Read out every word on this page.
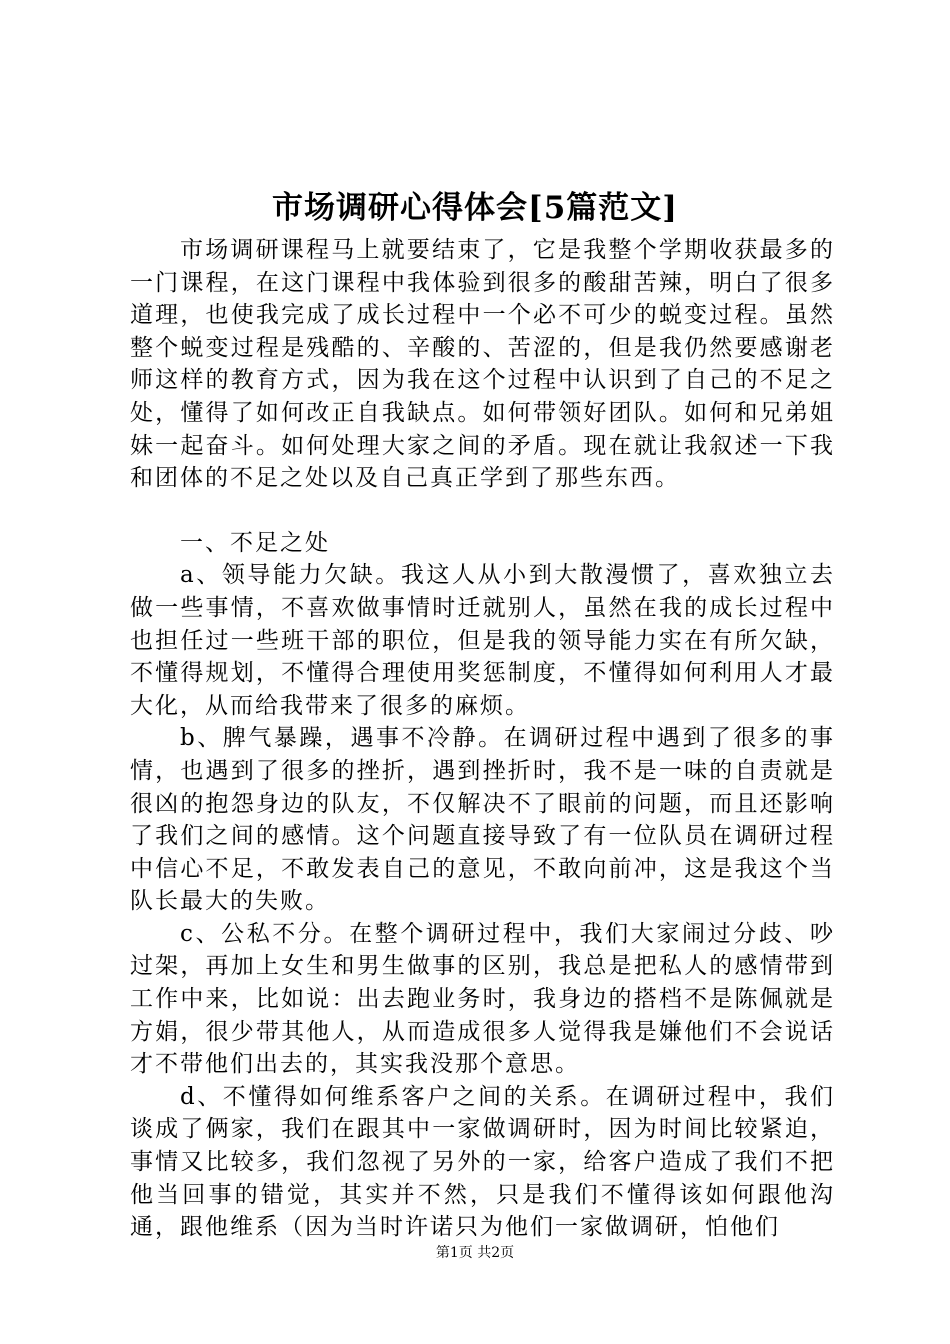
市场调研心得体会[5篇范文]

市场调研课程马上就要结束了，它是我整个学期收获最多的一门课程，在这门课程中我体验到很多的酸甜苦辣，明白了很多道理，也使我完成了成长过程中一个必不可少的蜕变过程。虽然整个蜕变过程是残酷的、辛酸的、苦涩的，但是我仍然要感谢老师这样的教育方式，因为我在这个过程中认识到了自己的不足之处，懂得了如何改正自我缺点。如何带领好团队。如何和兄弟姐妹一起奋斗。如何处理大家之间的矛盾。现在就让我叙述一下我和团体的不足之处以及自己真正学到了那些东西。

一、不足之处

a、领导能力欠缺。我这人从小到大散漫惯了，喜欢独立去做一些事情，不喜欢做事情时迁就别人，虽然在我的成长过程中也担任过一些班干部的职位，但是我的领导能力实在有所欠缺，不懂得规划，不懂得合理使用奖惩制度，不懂得如何利用人才最大化，从而给我带来了很多的麻烦。

b、脾气暴躁，遇事不冷静。在调研过程中遇到了很多的事情，也遇到了很多的挫折，遇到挫折时，我不是一味的自责就是很凶的抱怨身边的队友，不仅解决不了眼前的问题，而且还影响了我们之间的感情。这个问题直接导致了有一位队员在调研过程中信心不足，不敢发表自己的意见，不敢向前冲，这是我这个当队长最大的失败。

c、公私不分。在整个调研过程中，我们大家闹过分歧、吵过架，再加上女生和男生做事的区别，我总是把私人的感情带到工作中来，比如说：出去跑业务时，我身边的搭档不是陈佩就是方娟，很少带其他人，从而造成很多人觉得我是嫌他们不会说话才不带他们出去的，其实我没那个意思。

d、不懂得如何维系客户之间的关系。在调研过程中，我们谈成了俩家，我们在跟其中一家做调研时，因为时间比较紧迫，事情又比较多，我们忽视了另外的一家，给客户造成了我们不把他当回事的错觉，其实并不然，只是我们不懂得该如何跟他沟通，跟他维系（因为当时许诺只为他们一家做调研，怕他们

第1页 共2页
